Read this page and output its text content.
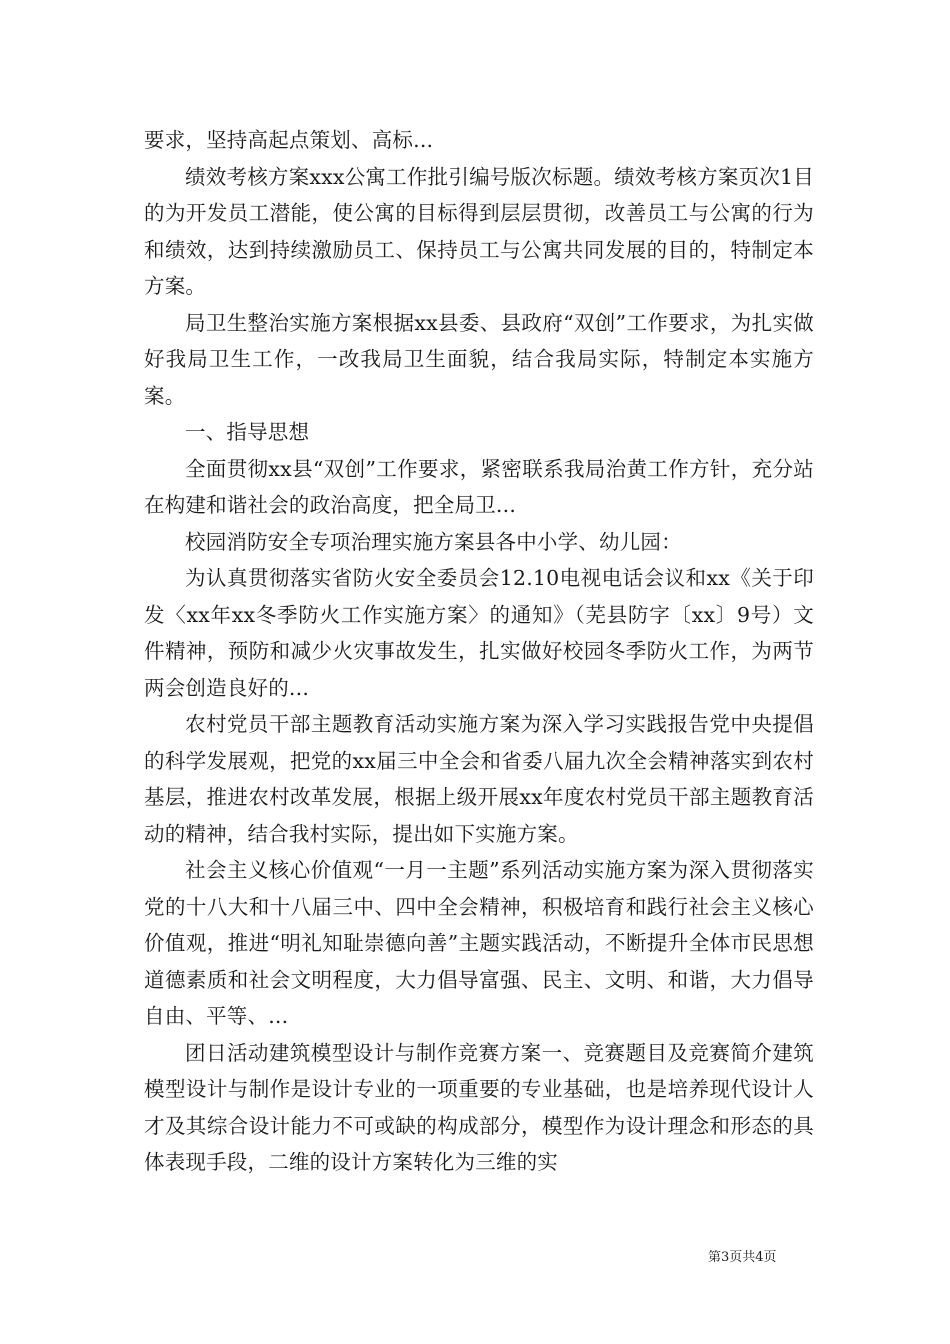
要求，坚持高起点策划、高标...

绩效考核方案xxx公寓工作批引编号版次标题。绩效考核方案页次1目的为开发员工潜能，使公寓的目标得到层层贯彻，改善员工与公寓的行为和绩效，达到持续激励员工、保持员工与公寓共同发展的目的，特制定本方案。

局卫生整治实施方案根据xx县委、县政府“双创”工作要求，为扎实做好我局卫生工作，一改我局卫生面貌，结合我局实际，特制定本实施方案。

一、指导思想

全面贯彻xx县“双创”工作要求，紧密联系我局治黄工作方针，充分站在构建和谐社会的政治高度，把全局卫...

校园消防安全专项治理实施方案县各中小学、幼儿园：

为认真贯彻落实省防火安全委员会12.10电视电话会议和xx《关于印发〈xx年xx冬季防火工作实施方案〉的通知》（芜县防字〔xx〕9号）文件精神，预防和减少火灾事故发生，扎实做好校园冬季防火工作，为两节两会创造良好的...

农村党员干部主题教育活动实施方案为深入学习实践报告党中央提倡的科学发展观，把党的xx届三中全会和省委八届九次全会精神落实到农村基层，推进农村改革发展，根据上级开展xx年度农村党员干部主题教育活动的精神，结合我村实际，提出如下实施方案。

社会主义核心价值观“一月一主题”系列活动实施方案为深入贯彻落实党的十八大和十八届三中、四中全会精神，积极培育和践行社会主义核心价值观，推进“明礼知耻崇德向善”主题实践活动，不断提升全体市民思想道德素质和社会文明程度，大力倡导富强、民主、文明、和谐，大力倡导自由、平等、...

团日活动建筑模型设计与制作竞赛方案一、竞赛题目及竞赛简介建筑模型设计与制作是设计专业的一项重要的专业基础，也是培养现代设计人才及其综合设计能力不可或缺的构成部分，模型作为设计理念和形态的具体表现手段，二维的设计方案转化为三维的实

第3页共4页
